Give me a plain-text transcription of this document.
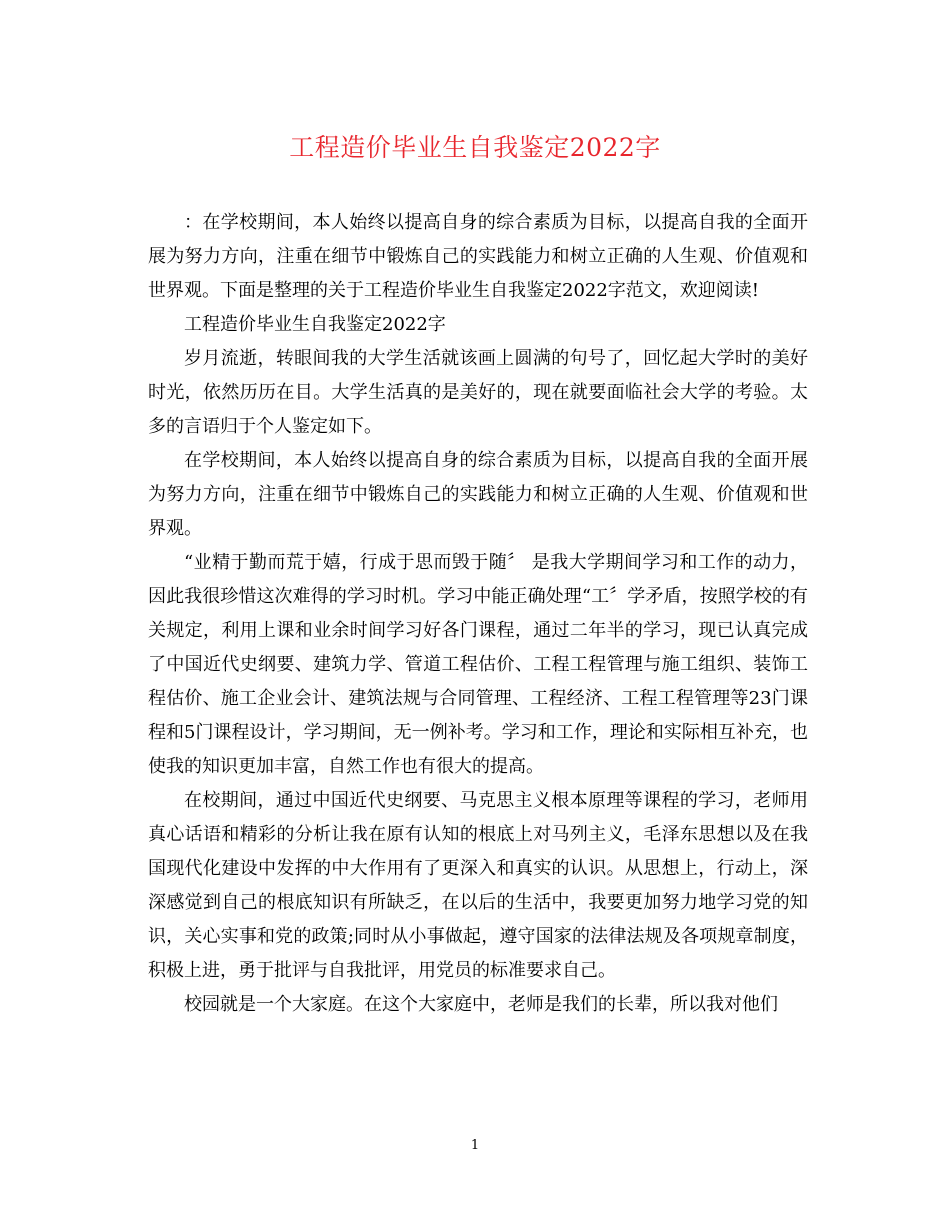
工程造价毕业生自我鉴定2022字

：在学校期间，本人始终以提高自身的综合素质为目标，以提高自我的全面开展为努力方向，注重在细节中锻炼自己的实践能力和树立正确的人生观、价值观和世界观。下面是整理的关于工程造价毕业生自我鉴定2022字范文，欢迎阅读!

工程造价毕业生自我鉴定2022字

岁月流逝，转眼间我的大学生活就该画上圆满的句号了，回忆起大学时的美好时光，依然历历在目。大学生活真的是美好的，现在就要面临社会大学的考验。太多的言语归于个人鉴定如下。

在学校期间，本人始终以提高自身的综合素质为目标，以提高自我的全面开展为努力方向，注重在细节中锻炼自己的实践能力和树立正确的人生观、价值观和世界观。

“业精于勤而荒于嬉，行成于思而毁于随〞 是我大学期间学习和工作的动力，因此我很珍惜这次难得的学习时机。学习中能正确处理“工〞学矛盾，按照学校的有关规定，利用上课和业余时间学习好各门课程，通过二年半的学习，现已认真完成了中国近代史纲要、建筑力学、管道工程估价、工程工程管理与施工组织、装饰工程估价、施工企业会计、建筑法规与合同管理、工程经济、工程工程管理等23门课程和5门课程设计，学习期间，无一例补考。学习和工作，理论和实际相互补充，也使我的知识更加丰富，自然工作也有很大的提高。

在校期间，通过中国近代史纲要、马克思主义根本原理等课程的学习，老师用真心话语和精彩的分析让我在原有认知的根底上对马列主义，毛泽东思想以及在我国现代化建设中发挥的中大作用有了更深入和真实的认识。从思想上，行动上，深深感觉到自己的根底知识有所缺乏，在以后的生活中，我要更加努力地学习党的知识，关心实事和党的政策;同时从小事做起，遵守国家的法律法规及各项规章制度，积极上进，勇于批评与自我批评，用党员的标准要求自己。

校园就是一个大家庭。在这个大家庭中，老师是我们的长辈，所以我对他们

1
